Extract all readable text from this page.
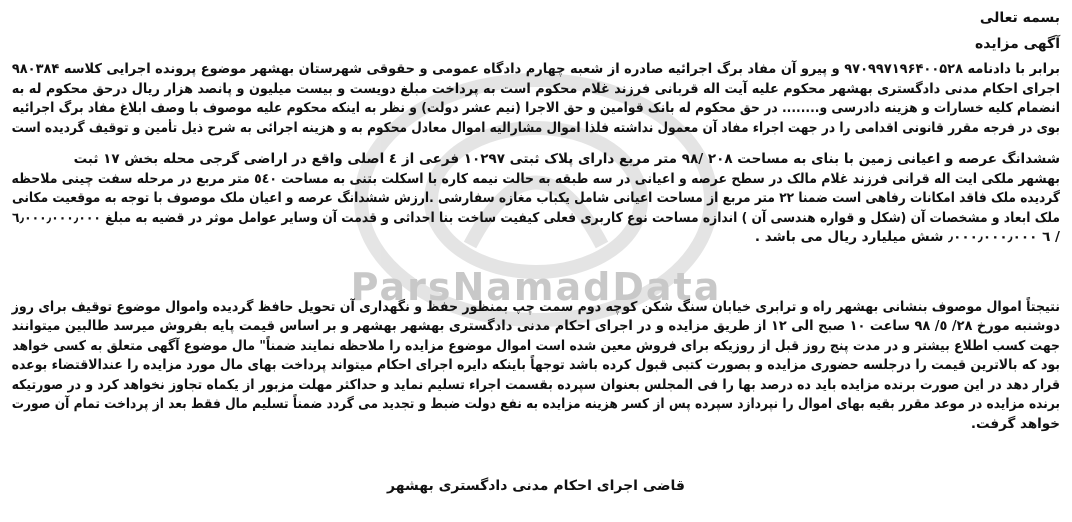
ParsNamadData
بسمه تعالی
آگهی مزایده
برابر با دادنامه ۹۷۰۹۹۷۱۹۶۴۰۰۵۲۸ و پیرو آن مفاد برگ اجرائیه صادره از شعبه چهارم دادگاه عمومی و حقوقی شهرستان بهشهر موضوع پرونده اجرایی کلاسه ۹۸۰۳۸۴
اجرای احکام مدنی دادگستری بهشهر محکوم علیه آیت اله قربانی فرزند غلام محکوم است به پرداخت مبلغ دویست و بیست میلیون و پانصد هزار ریال درحق محکوم له به
انضمام کلیه خسارات و هزینه دادرسی و........ در حق محکوم له بانک قوامین و حق الاجرا (نیم عشر دولت) و نظر به اینکه محکوم علیه موصوف با وصف ابلاغ مفاد برگ اجرائیه
بوی در فرجه مقرر قانونی اقدامی را در جهت اجراء مفاد آن معمول نداشته فلذا اموال مشاراليه اموال معادل محکوم به و هزینه اجرائی به شرح ذیل تأمین و توقیف گردیده است
ششدانگ عرصه و اعیانی زمین با بنای به مساحت ۲۰۸ /۹۸ متر مربع دارای پلاک ثبتی ۱۰۲۹۷ فرعی از ٤ اصلی واقع در اراضی گرجی محله بخش ١٧ ثبت
بهشهر ملکی ایت اله قرانی فرزند غلام مالک در سطح عرصه و اعیانی در سه طبقه به حالت نیمه کاره با اسکلت بتنی به مساحت ٥٤٠ متر مربع در مرحله سفت چینی ملاحظه
گردیده ملک فاقد امکانات رفاهی است ضمنا ۲۲ متر مربع از مساحت اعیانی شامل یکباب مغازه سفارشی .ارزش ششدانگ عرصه و اعیان ملک موصوف با توجه به موقعیت مکانی
ملک ابعاد و مشخصات آن (شکل و قواره هندسی آن ) اندازه مساحت نوع کاربری فعلی کیفیت ساخت بنا احداثی و قدمت آن وسایر عوامل موثر در قضیه به مبلغ ٦٫٠٠٠٫٠٠٠٫٠٠٠
/ ٦ ٫٠٠٠٫٠٠٠٫٠٠٠ شش میلیارد ریال می باشد .
نتیجتاً اموال موصوف بنشانی بهشهر راه و ترابری خیابان سنگ شکن کوچه دوم سمت چپ بمنظور حفظ و نگهداری آن تحویل حافظ گردیده واموال موضوع توقیف برای روز
دوشنبه مورخ ٢٨/ ٥/ ٩٨ ساعت ١٠ صبح الی ١٢ از طریق مزایده و در اجرای احکام مدنی دادگستری بهشهر بهشهر و بر اساس قیمت پایه بفروش میرسد طالبین میتوانند
جهت کسب اطلاع بیشتر و در مدت پنج روز قبل از روزیکه برای فروش معین شده است اموال موضوع مزایده را ملاحظه نمایند ضمناً" مال موضوع آگهی متعلق به کسی خواهد
بود که بالاترین قیمت را درجلسه حضوری مزایده و بصورت کتبی قبول کرده باشد توجهاً باینکه دایره اجرای احکام میتواند پرداخت بهای مال مورد مزایده را عندالاقتضاء بوعده
قرار دهد در این صورت برنده مزایده باید ده درصد بها را فی المجلس بعنوان سپرده بقسمت اجراء تسلیم نماید و حداکثر مهلت مزبور از یکماه تجاوز نخواهد کرد و در صورتیکه
برنده مزایده در موعد مقرر بقیه بهای اموال را نپردازد سپرده پس از کسر هزینه مزایده به نفع دولت ضبط و تجدید می گردد ضمناً تسلیم مال فقط بعد از پرداخت تمام آن صورت
خواهد گرفت.
قاضی اجرای احکام مدنی دادگستری بهشهر
